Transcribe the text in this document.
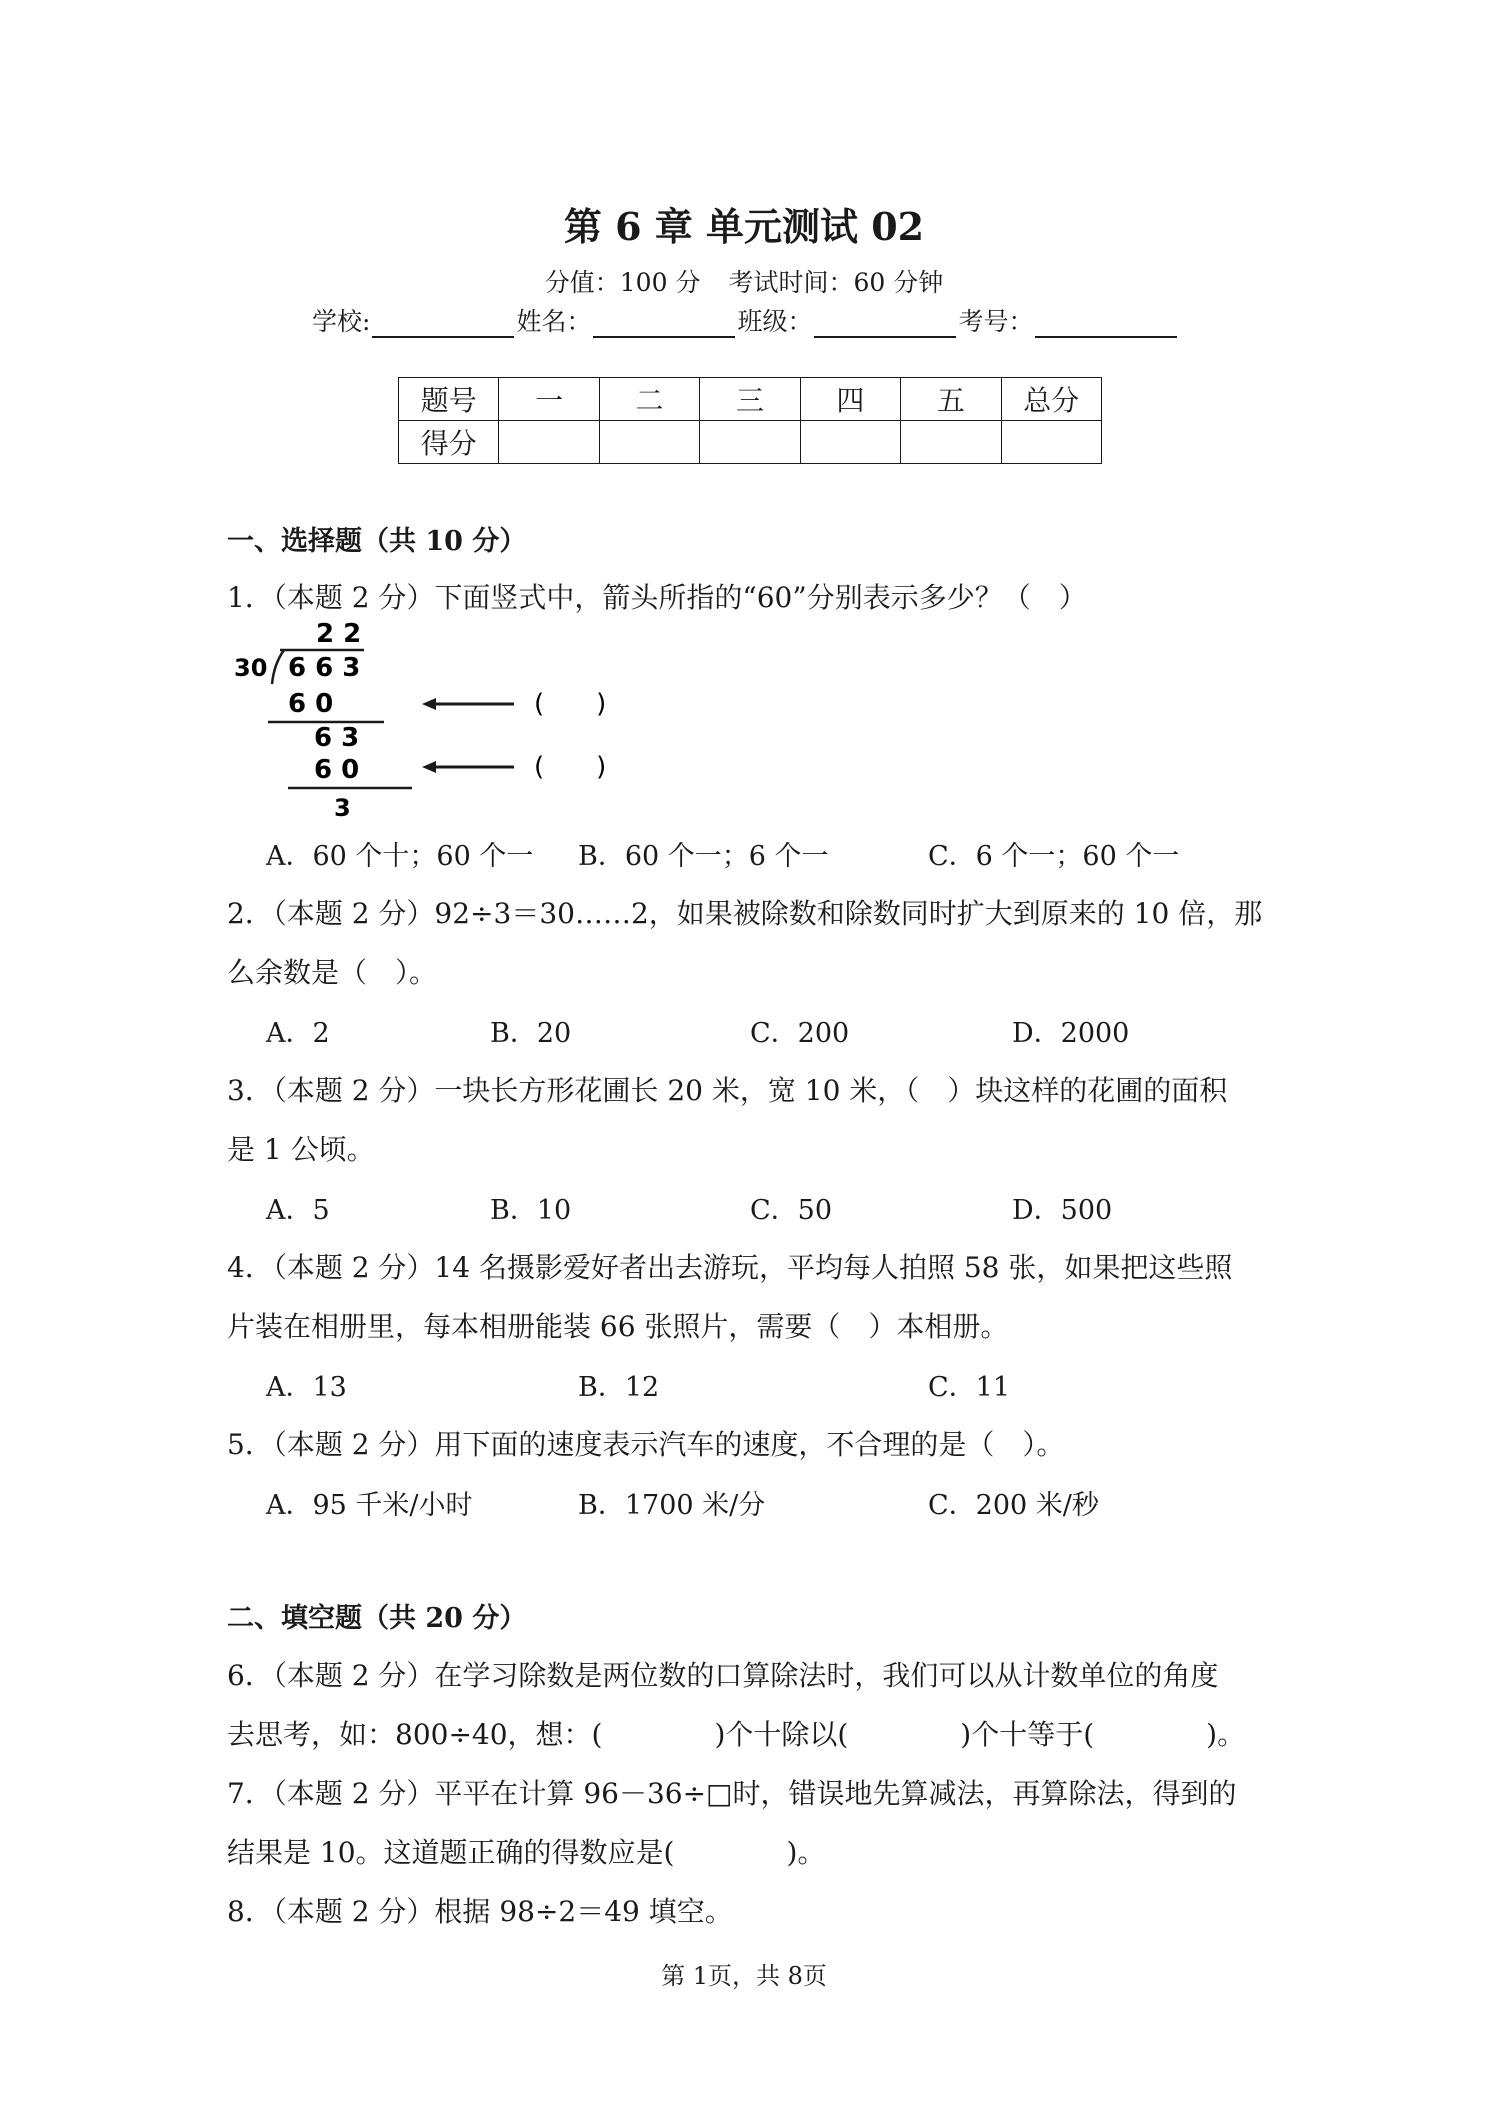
第 6 章 单元测试 02
分值：100 分 考试时间：60 分钟
学校:	姓名：	班级：	考号：
题号	一	二	三	四	五	总分
得分						
一、选择题（共 10 分）
1．（本题 2 分）下面竖式中，箭头所指的“60”分别表示多少？（　）
2 2
30 6 6 3
6 0
6 3
6 0
3
(　　)
(　　)
A．60 个十；60 个一 B．60 个一；6 个一	C．6 个一；60 个一
2．（本题 2 分）92÷3＝30……2，如果被除数和除数同时扩大到原来的 10 倍，那
么余数是（　）。
A．2	B．20	C．200	D．2000
3．（本题 2 分）一块长方形花圃长 20 米，宽 10 米，（　）块这样的花圃的面积
是 1 公顷。
A．5	B．10	C．50	D．500
4．（本题 2 分）14 名摄影爱好者出去游玩，平均每人拍照 58 张，如果把这些照
片装在相册里，每本相册能装 66 张照片，需要（　）本相册。
A．13	B．12	C．11
5．（本题 2 分）用下面的速度表示汽车的速度，不合理的是（　）。
A．95 千米/小时	B．1700 米/分	C．200 米/秒
二、填空题（共 20 分）
6．（本题 2 分）在学习除数是两位数的口算除法时，我们可以从计数单位的角度
去思考，如：800÷40，想：(　　　　)个十除以(　　　　)个十等于(　　　　)。
7．（本题 2 分）平平在计算 96－36÷□时，错误地先算减法，再算除法，得到的
结果是 10。这道题正确的得数应是(　　　　)。
8．（本题 2 分）根据 98÷2＝49 填空。
第 1页，共 8页
